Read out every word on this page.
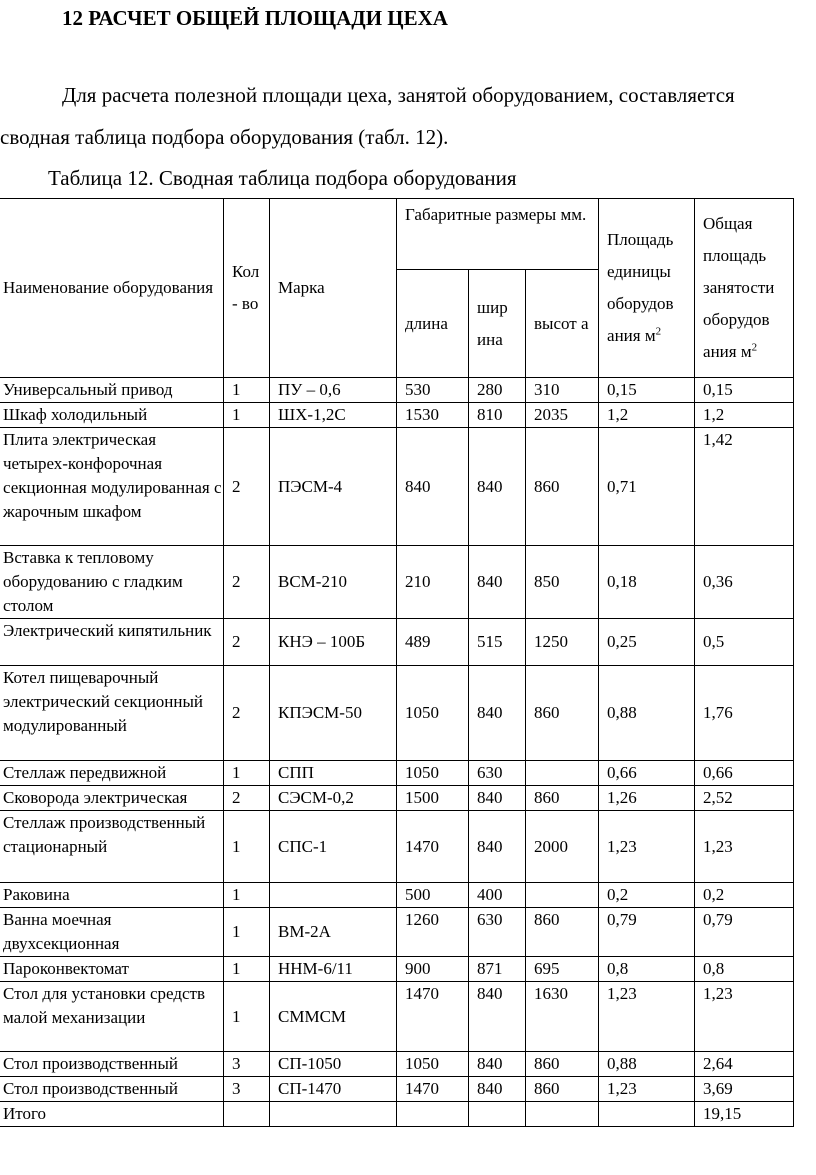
12 РАСЧЕТ ОБЩЕЙ ПЛОЩАДИ ЦЕХА
Для расчета полезной площади цеха, занятой оборудованием, составляется
сводная таблица подбора оборудования (табл. 12).
Таблица 12. Сводная таблица подбора оборудования
Наименование оборудования	Кол - во	Марка	Габаритные размеры мм.			Площадь единицы оборудов ания $м^2$	Общая площадь занятости оборудов ания $м^2$
			длина	шир ина	высот а		
Универсальный привод	1	ПУ – 0,6	530	280	310	0,15	0,15
Шкаф холодильный	1	ШХ-1,2С	1530	810	2035	1,2	1,2
Плита электрическая четырех-конфорочная секционная модулированная с жарочным шкафом	2	ПЭСМ-4	840	840	860	0,71	1,42
Вставка к тепловому оборудованию с гладким столом	2	ВСМ-210	210	840	850	0,18	0,36
Электрический кипятильник	2	КНЭ – 100Б	489	515	1250	0,25	0,5
Котел пищеварочный электрический секционный модулированный	2	КПЭСМ-50	1050	840	860	0,88	1,76
Стеллаж передвижной	1	СПП	1050	630		0,66	0,66
Сковорода электрическая	2	СЭСМ-0,2	1500	840	860	1,26	2,52
Стеллаж производственный стационарный	1	СПС-1	1470	840	2000	1,23	1,23
Раковина	1		500	400		0,2	0,2
Ванна моечная двухсекционная	1	ВМ-2А	1260	630	860	0,79	0,79
Пароконвектомат	1	ННМ-6/11	900	871	695	0,8	0,8
Стол для установки средств малой механизации	1	СММСМ	1470	840	1630	1,23	1,23
Стол производственный	3	СП-1050	1050	840	860	0,88	2,64
Стол производственный	3	СП-1470	1470	840	860	1,23	3,69
Итого							19,15
